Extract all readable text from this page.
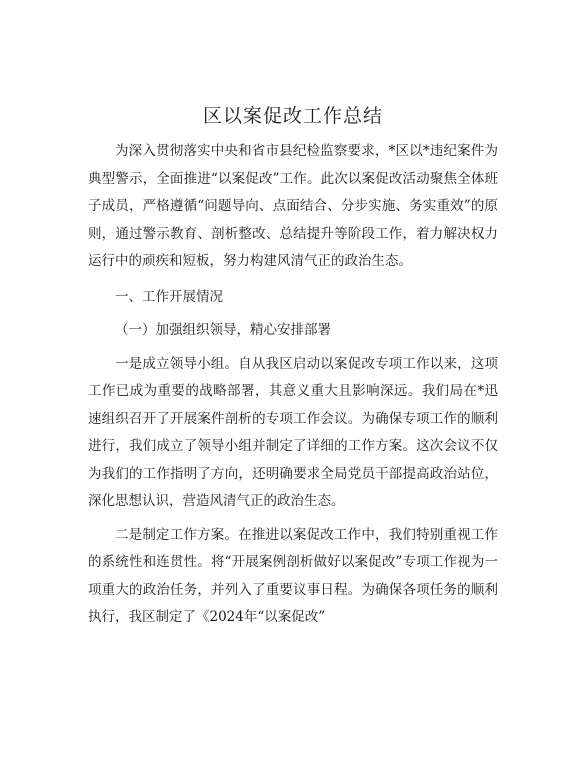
区以案促改工作总结

为深入贯彻落实中央和省市县纪检监察要求，*区以*违纪案件为典型警示，全面推进“以案促改”工作。此次以案促改活动聚焦全体班子成员，严格遵循“问题导向、点面结合、分步实施、务实重效”的原则，通过警示教育、剖析整改、总结提升等阶段工作，着力解决权力运行中的顽疾和短板，努力构建风清气正的政治生态。

一、工作开展情况

（一）加强组织领导，精心安排部署

一是成立领导小组。自从我区启动以案促改专项工作以来，这项工作已成为重要的战略部署，其意义重大且影响深远。我们局在*迅速组织召开了开展案件剖析的专项工作会议。为确保专项工作的顺利进行，我们成立了领导小组并制定了详细的工作方案。这次会议不仅为我们的工作指明了方向，还明确要求全局党员干部提高政治站位，深化思想认识，营造风清气正的政治生态。

二是制定工作方案。在推进以案促改工作中，我们特别重视工作的系统性和连贯性。将“开展案例剖析做好以案促改”专项工作视为一项重大的政治任务，并列入了重要议事日程。为确保各项任务的顺利执行，我区制定了《2024年“以案促改”
